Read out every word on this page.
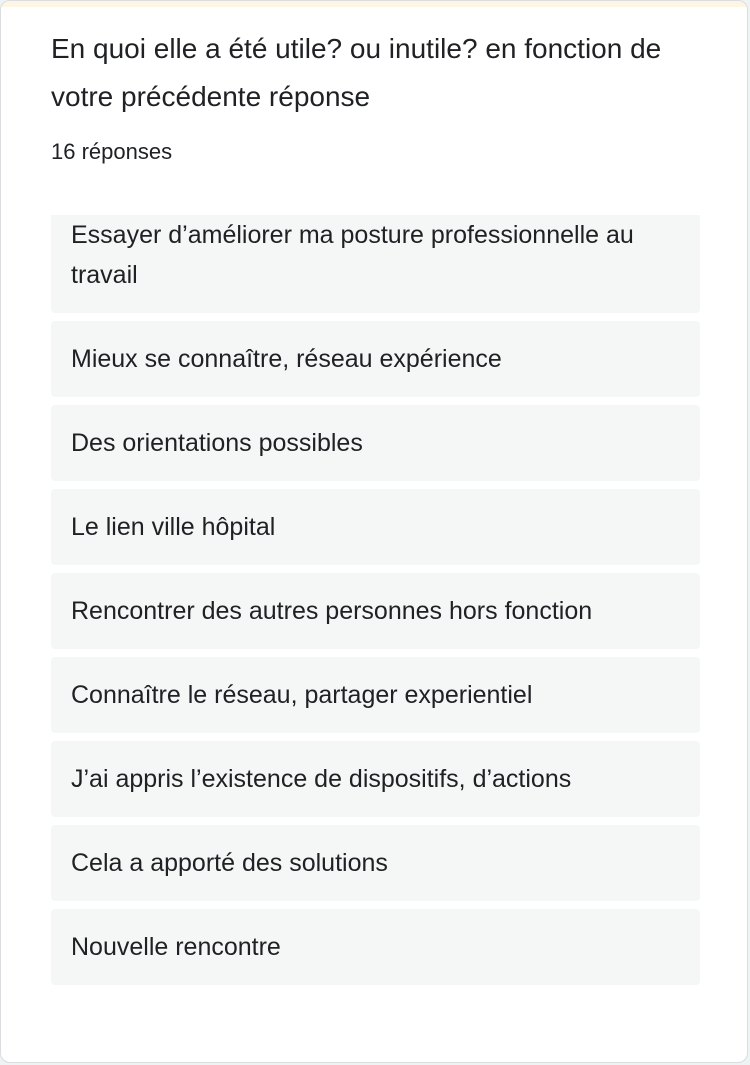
En quoi elle a été utile? ou inutile? en fonction de votre précédente réponse
16 réponses
Essayer d’améliorer ma posture professionnelle au travail
Mieux se connaître, réseau expérience
Des orientations possibles
Le lien ville hôpital
Rencontrer des autres personnes hors fonction
Connaître le réseau, partager experientiel
J’ai appris l’existence de dispositifs, d’actions
Cela a apporté des solutions
Nouvelle rencontre
